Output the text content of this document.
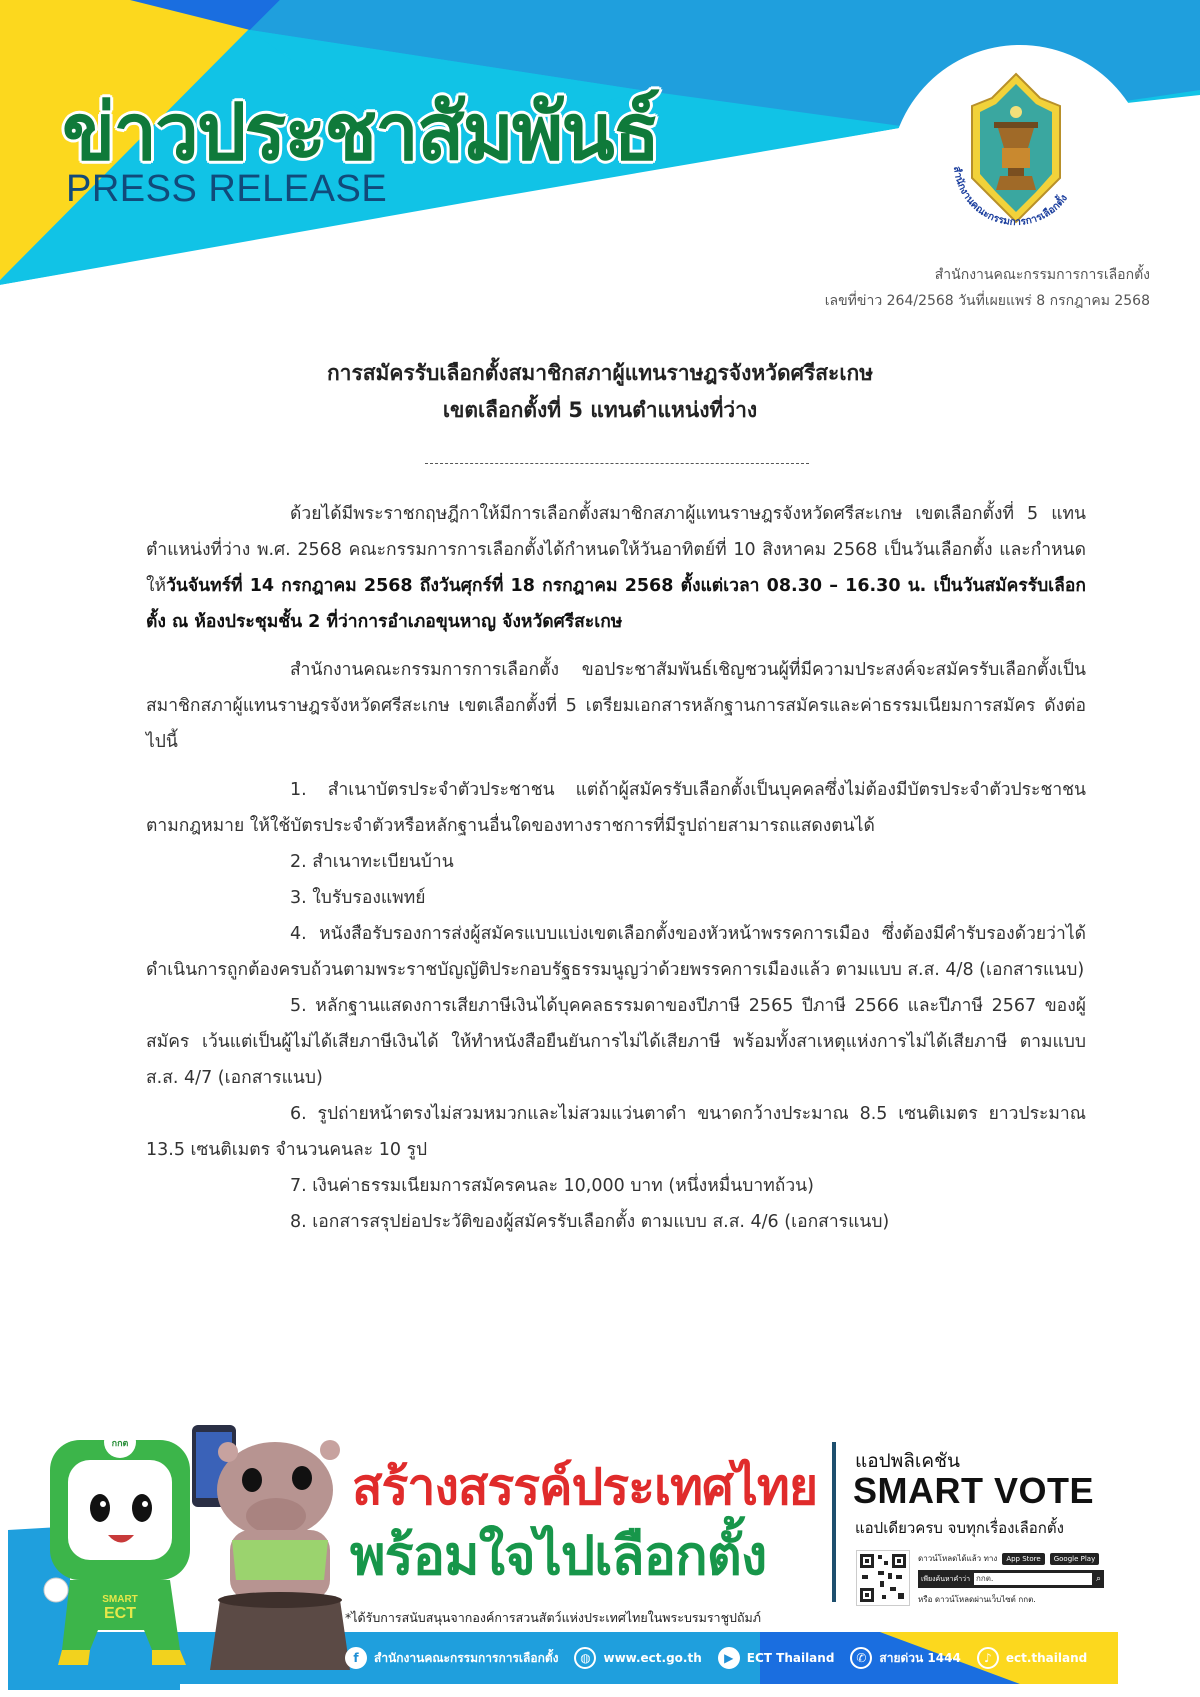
ข่าวประชาสัมพันธ์
PRESS RELEASE	สำนักงานคณะกรรมการการเลือกตั้ง
สำนักงานคณะกรรมการการเลือกตั้ง
เลขที่ข่าว 264/2568 วันที่เผยแพร่ 8 กรกฎาคม 2568
การสมัครรับเลือกตั้งสมาชิกสภาผู้แทนราษฎรจังหวัดศรีสะเกษ
เขตเลือกตั้งที่ 5 แทนตำแหน่งที่ว่าง

ด้วยได้มีพระราชกฤษฎีกาให้มีการเลือกตั้งสมาชิกสภาผู้แทนราษฎรจังหวัดศรีสะเกษ เขตเลือกตั้งที่ 5 แทนตำแหน่งที่ว่าง พ.ศ. 2568 คณะกรรมการการเลือกตั้งได้กำหนดให้วันอาทิตย์ที่ 10 สิงหาคม 2568 เป็นวันเลือกตั้ง และกำหนดให้วันจันทร์ที่ 14 กรกฎาคม 2568 ถึงวันศุกร์ที่ 18 กรกฎาคม 2568 ตั้งแต่เวลา 08.30 – 16.30 น. เป็นวันสมัครรับเลือกตั้ง ณ ห้องประชุมชั้น 2 ที่ว่าการอำเภอขุนหาญ จังหวัดศรีสะเกษ

สำนักงานคณะกรรมการการเลือกตั้ง ขอประชาสัมพันธ์เชิญชวนผู้ที่มีความประสงค์จะสมัครรับเลือกตั้งเป็นสมาชิกสภาผู้แทนราษฎรจังหวัดศรีสะเกษ เขตเลือกตั้งที่ 5 เตรียมเอกสารหลักฐานการสมัครและค่าธรรมเนียมการสมัคร ดังต่อไปนี้

1. สำเนาบัตรประจำตัวประชาชน แต่ถ้าผู้สมัครรับเลือกตั้งเป็นบุคคลซึ่งไม่ต้องมีบัตรประจำตัวประชาชนตามกฎหมาย ให้ใช้บัตรประจำตัวหรือหลักฐานอื่นใดของทางราชการที่มีรูปถ่ายสามารถแสดงตนได้

2. สำเนาทะเบียนบ้าน

3. ใบรับรองแพทย์

4. หนังสือรับรองการส่งผู้สมัครแบบแบ่งเขตเลือกตั้งของหัวหน้าพรรคการเมือง ซึ่งต้องมีคำรับรองด้วยว่าได้ดำเนินการถูกต้องครบถ้วนตามพระราชบัญญัติประกอบรัฐธรรมนูญว่าด้วยพรรคการเมืองแล้ว ตามแบบ ส.ส. 4/8 (เอกสารแนบ)

5. หลักฐานแสดงการเสียภาษีเงินได้บุคคลธรรมดาของปีภาษี 2565 ปีภาษี 2566 และปีภาษี 2567 ของผู้สมัคร เว้นแต่เป็นผู้ไม่ได้เสียภาษีเงินได้ ให้ทำหนังสือยืนยันการไม่ได้เสียภาษี พร้อมทั้งสาเหตุแห่งการไม่ได้เสียภาษี ตามแบบ ส.ส. 4/7 (เอกสารแนบ)

6. รูปถ่ายหน้าตรงไม่สวมหมวกและไม่สวมแว่นตาดำ ขนาดกว้างประมาณ 8.5 เซนติเมตร ยาวประมาณ 13.5 เซนติเมตร จำนวนคนละ 10 รูป

7. เงินค่าธรรมเนียมการสมัครคนละ 10,000 บาท (หนึ่งหมื่นบาทถ้วน)

8. เอกสารสรุปย่อประวัติของผู้สมัครรับเลือกตั้ง ตามแบบ ส.ส. 4/6 (เอกสารแนบ)

กกต
SMART
ECT
สร้างสรรค์ประเทศไทย
พร้อมใจไปเลือกตั้ง
*ได้รับการสนับสนุนจากองค์การสวนสัตว์แห่งประเทศไทยในพระบรมราชูปถัมภ์
แอปพลิเคชัน
SMART VOTE
แอปเดียวครบ จบทุกเรื่องเลือกตั้ง
ดาวน์โหลดได้แล้ว ทาง	App Store	Google Play
เพียงค้นหาคำว่า กกต.	⌕
หรือ ดาวน์โหลดผ่านเว็บไซต์ กกต.
f	สำนักงานคณะกรรมการการเลือกตั้ง	◍	www.ect.go.th	▶	ECT Thailand	✆	สายด่วน 1444	♪	ect.thailand
